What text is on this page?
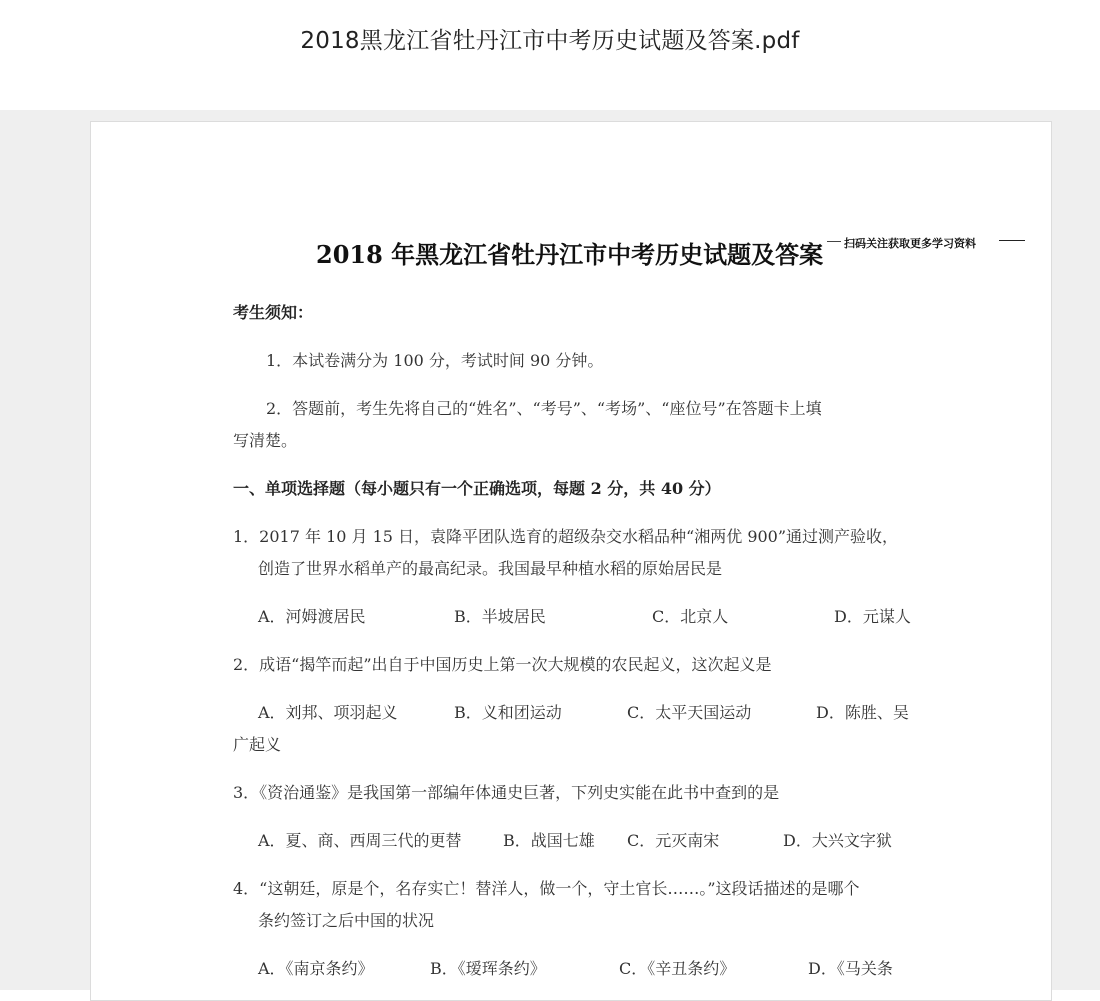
2018黑龙江省牡丹江市中考历史试题及答案.pdf
2018 年黑龙江省牡丹江市中考历史试题及答案 扫码关注获取更多学习资料
考生须知：
1．本试卷满分为 100 分，考试时间 90 分钟。
2．答题前，考生先将自己的“姓名”、“考号”、“考场”、“座位号”在答题卡上填
写清楚。
一、单项选择题（每小题只有一个正确选项，每题 2 分，共 40 分）
1．2017 年 10 月 15 日，袁降平团队选育的超级杂交水稻品种“湘两优 900”通过测产验收，
创造了世界水稻单产的最高纪录。我国最早种植水稻的原始居民是
A．河姆渡居民	B．半坡居民	C．北京人	D．元谋人
2．成语“揭竿而起”出自于中国历史上第一次大规模的农民起义，这次起义是
A．刘邦、项羽起义	B．义和团运动	C．太平天国运动	D．陈胜、吴
广起义
3．《资治通鉴》是我国第一部编年体通史巨著，下列史实能在此书中查到的是
A．夏、商、西周三代的更替	B．战国七雄 C．元灭南宋	D．大兴文字狱
4．“这朝廷，原是个，名存实亡！替洋人，做一个，守土官长……。”这段话描述的是哪个
条约签订之后中国的状况
A．《南京条约》	B．《瑷珲条约》	C．《辛丑条约》	D．《马关条
